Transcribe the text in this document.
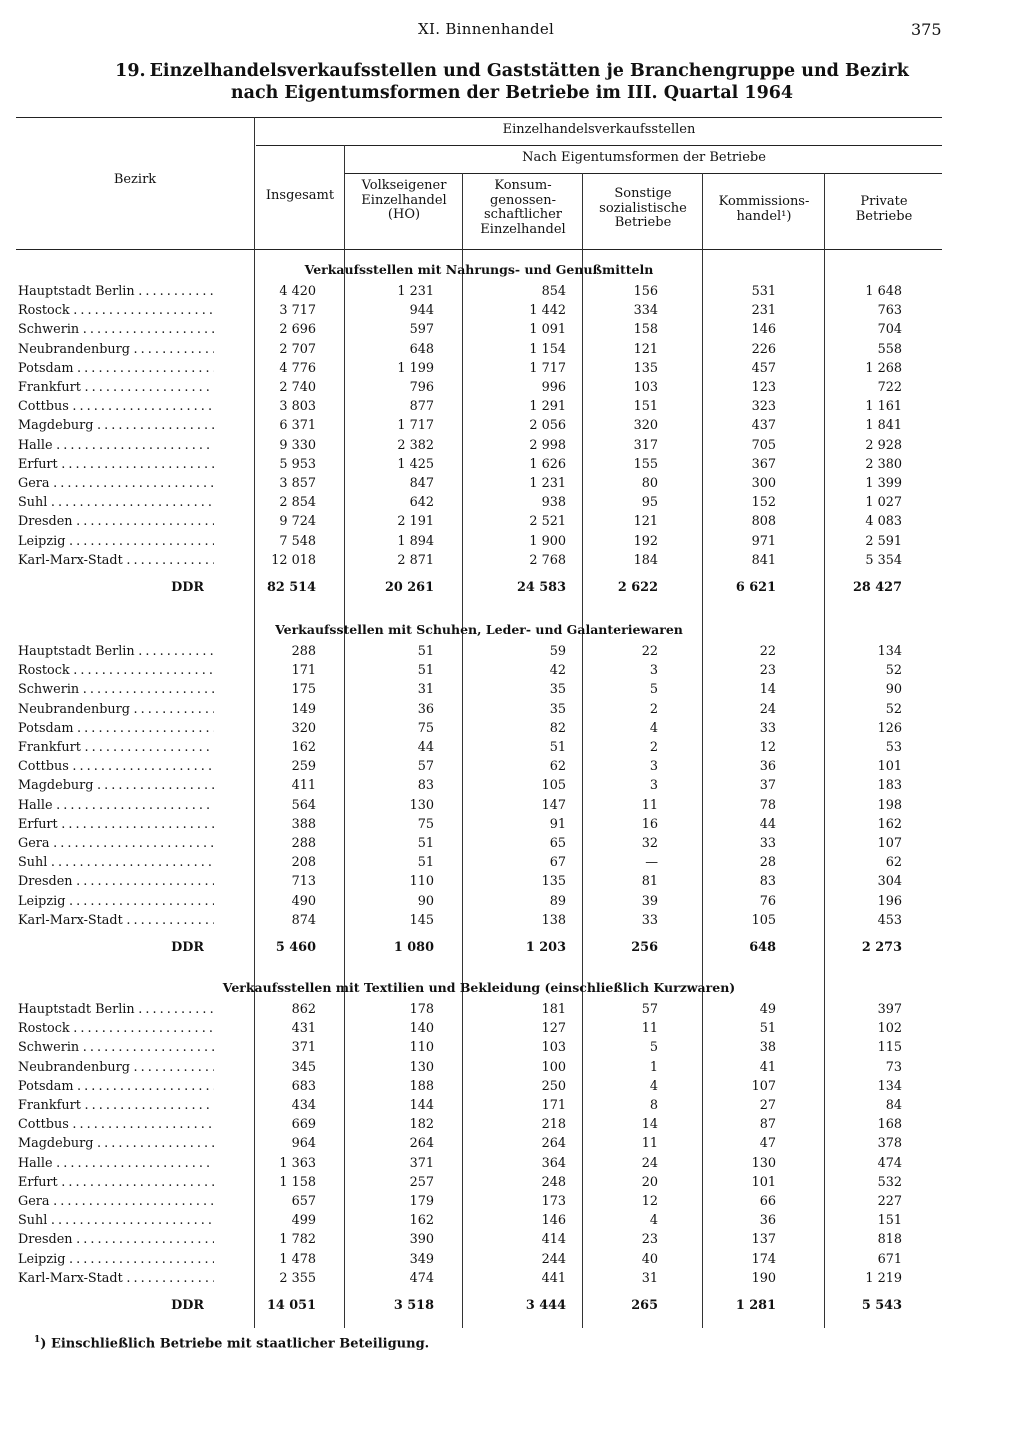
XI. Binnenhandel	375
19. Einzelhandelsverkaufsstellen und Gaststätten je Branchengruppe und Bezirk
nach Eigentumsformen der Betriebe im III. Quartal 1964
Bezirk
Einzelhandelsverkaufsstellen
Nach Eigentumsformen der Betriebe
Insgesamt
Volkseigener
Einzelhandel
(HO)
Konsum-
genossen-
schaftlicher
Einzelhandel
Sonstige
sozialistische
Betriebe
Kommissions-
handel¹)
Private
Betriebe
Verkaufsstellen mit Nahrungs- und Genußmitteln
Hauptstadt Berlin . . .	4 420	1 231	854	156	531	1 648
Rostock . . .	3 717	944	1 442	334	231	763
Schwerin . . .	2 696	597	1 091	158	146	704
Neubrandenburg . . .	2 707	648	1 154	121	226	558
Potsdam . . .	4 776	1 199	1 717	135	457	1 268
Frankfurt . . .	2 740	796	996	103	123	722
Cottbus . . .	3 803	877	1 291	151	323	1 161
Magdeburg . . .	6 371	1 717	2 056	320	437	1 841
Halle . . .	9 330	2 382	2 998	317	705	2 928
Erfurt . . .	5 953	1 425	1 626	155	367	2 380
Gera . . .	3 857	847	1 231	80	300	1 399
Suhl . . .	2 854	642	938	95	152	1 027
Dresden . . .	9 724	2 191	2 521	121	808	4 083
Leipzig . . .	7 548	1 894	1 900	192	971	2 591
Karl-Marx-Stadt . . .	12 018	2 871	2 768	184	841	5 354
DDR	82 514	20 261	24 583	2 622	6 621	28 427
Verkaufsstellen mit Schuhen, Leder- und Galanteriewaren
Hauptstadt Berlin . . .	288	51	59	22	22	134
Rostock . . .	171	51	42	3	23	52
Schwerin . . .	175	31	35	5	14	90
Neubrandenburg . . .	149	36	35	2	24	52
Potsdam . . .	320	75	82	4	33	126
Frankfurt . . .	162	44	51	2	12	53
Cottbus . . .	259	57	62	3	36	101
Magdeburg . . .	411	83	105	3	37	183
Halle . . .	564	130	147	11	78	198
Erfurt . . .	388	75	91	16	44	162
Gera . . .	288	51	65	32	33	107
Suhl . . .	208	51	67	—	28	62
Dresden . . .	713	110	135	81	83	304
Leipzig . . .	490	90	89	39	76	196
Karl-Marx-Stadt . . .	874	145	138	33	105	453
DDR	5 460	1 080	1 203	256	648	2 273
Verkaufsstellen mit Textilien und Bekleidung (einschließlich Kurzwaren)
Hauptstadt Berlin . . .	862	178	181	57	49	397
Rostock . . .	431	140	127	11	51	102
Schwerin . . .	371	110	103	5	38	115
Neubrandenburg . . .	345	130	100	1	41	73
Potsdam . . .	683	188	250	4	107	134
Frankfurt . . .	434	144	171	8	27	84
Cottbus . . .	669	182	218	14	87	168
Magdeburg . . .	964	264	264	11	47	378
Halle . . .	1 363	371	364	24	130	474
Erfurt . . .	1 158	257	248	20	101	532
Gera . . .	657	179	173	12	66	227
Suhl . . .	499	162	146	4	36	151
Dresden . . .	1 782	390	414	23	137	818
Leipzig . . .	1 478	349	244	40	174	671
Karl-Marx-Stadt . . .	2 355	474	441	31	190	1 219
DDR	14 051	3 518	3 444	265	1 281	5 543
$^1$) Einschließlich Betriebe mit staatlicher Beteiligung.
